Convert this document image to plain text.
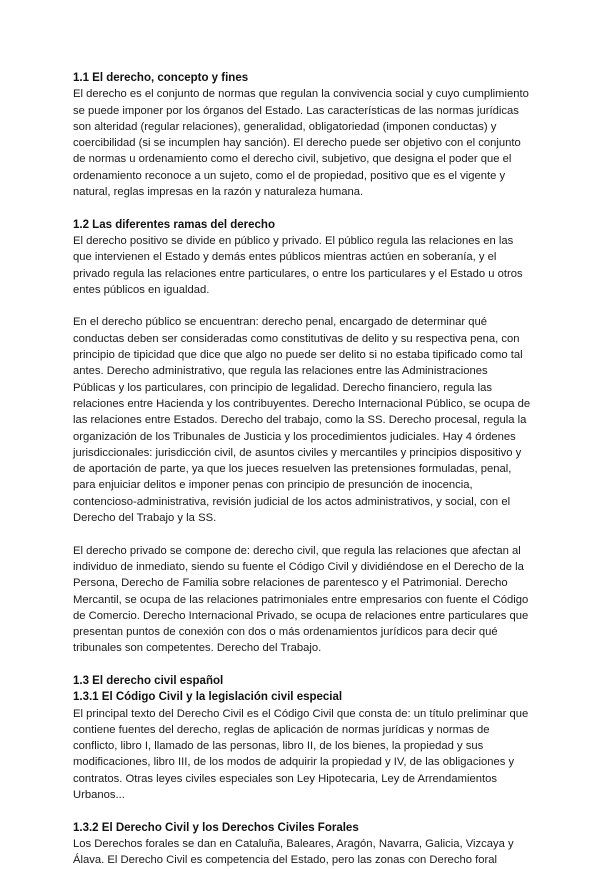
1.1 El derecho, concepto y fines

El derecho es el conjunto de normas que regulan la convivencia social y cuyo cumplimiento se puede imponer por los órganos del Estado. Las características de las normas jurídicas son alteridad (regular relaciones), generalidad, obligatoriedad (imponen conductas) y coercibilidad (si se incumplen hay sanción). El derecho puede ser objetivo con el conjunto de normas u ordenamiento como el derecho civil, subjetivo, que designa el poder que el ordenamiento reconoce a un sujeto, como el de propiedad, positivo que es el vigente y natural, reglas impresas en la razón y naturaleza humana.

1.2 Las diferentes ramas del derecho

El derecho positivo se divide en público y privado. El público regula las relaciones en las que intervienen el Estado y demás entes públicos mientras actúen en soberanía, y el privado regula las relaciones entre particulares, o entre los particulares y el Estado u otros entes públicos en igualdad.

En el derecho público se encuentran: derecho penal, encargado de determinar qué conductas deben ser consideradas como constitutivas de delito y su respectiva pena, con principio de tipicidad que dice que algo no puede ser delito si no estaba tipificado como tal antes. Derecho administrativo, que regula las relaciones entre las Administraciones Públicas y los particulares, con principio de legalidad. Derecho financiero, regula las relaciones entre Hacienda y los contribuyentes. Derecho Internacional Público, se ocupa de las relaciones entre Estados. Derecho del trabajo, como la SS. Derecho procesal, regula la organización de los Tribunales de Justicia y los procedimientos judiciales. Hay 4 órdenes jurisdiccionales: jurisdicción civil, de asuntos civiles y mercantiles y principios dispositivo y de aportación de parte, ya que los jueces resuelven las pretensiones formuladas, penal, para enjuiciar delitos e imponer penas con principio de presunción de inocencia, contencioso-administrativa, revisión judicial de los actos administrativos, y social, con el Derecho del Trabajo y la SS.

El derecho privado se compone de: derecho civil, que regula las relaciones que afectan al individuo de inmediato, siendo su fuente el Código Civil y dividiéndose en el Derecho de la Persona, Derecho de Familia sobre relaciones de parentesco y el Patrimonial. Derecho Mercantil, se ocupa de las relaciones patrimoniales entre empresarios con fuente el Código de Comercio. Derecho Internacional Privado, se ocupa de relaciones entre particulares que presentan puntos de conexión con dos o más ordenamientos jurídicos para decir qué tribunales son competentes. Derecho del Trabajo.

1.3 El derecho civil español
1.3.1 El Código Civil y la legislación civil especial

El principal texto del Derecho Civil es el Código Civil que consta de: un título preliminar que contiene fuentes del derecho, reglas de aplicación de normas jurídicas y normas de conflicto, libro I, llamado de las personas, libro II, de los bienes, la propiedad y sus modificaciones, libro III, de los modos de adquirir la propiedad y IV, de las obligaciones y contratos. Otras leyes civiles especiales son Ley Hipotecaria, Ley de Arrendamientos Urbanos...

1.3.2 El Derecho Civil y los Derechos Civiles Forales

Los Derechos forales se dan en Cataluña, Baleares, Aragón, Navarra, Galicia, Vizcaya y Álava. El Derecho Civil es competencia del Estado, pero las zonas con Derecho foral
